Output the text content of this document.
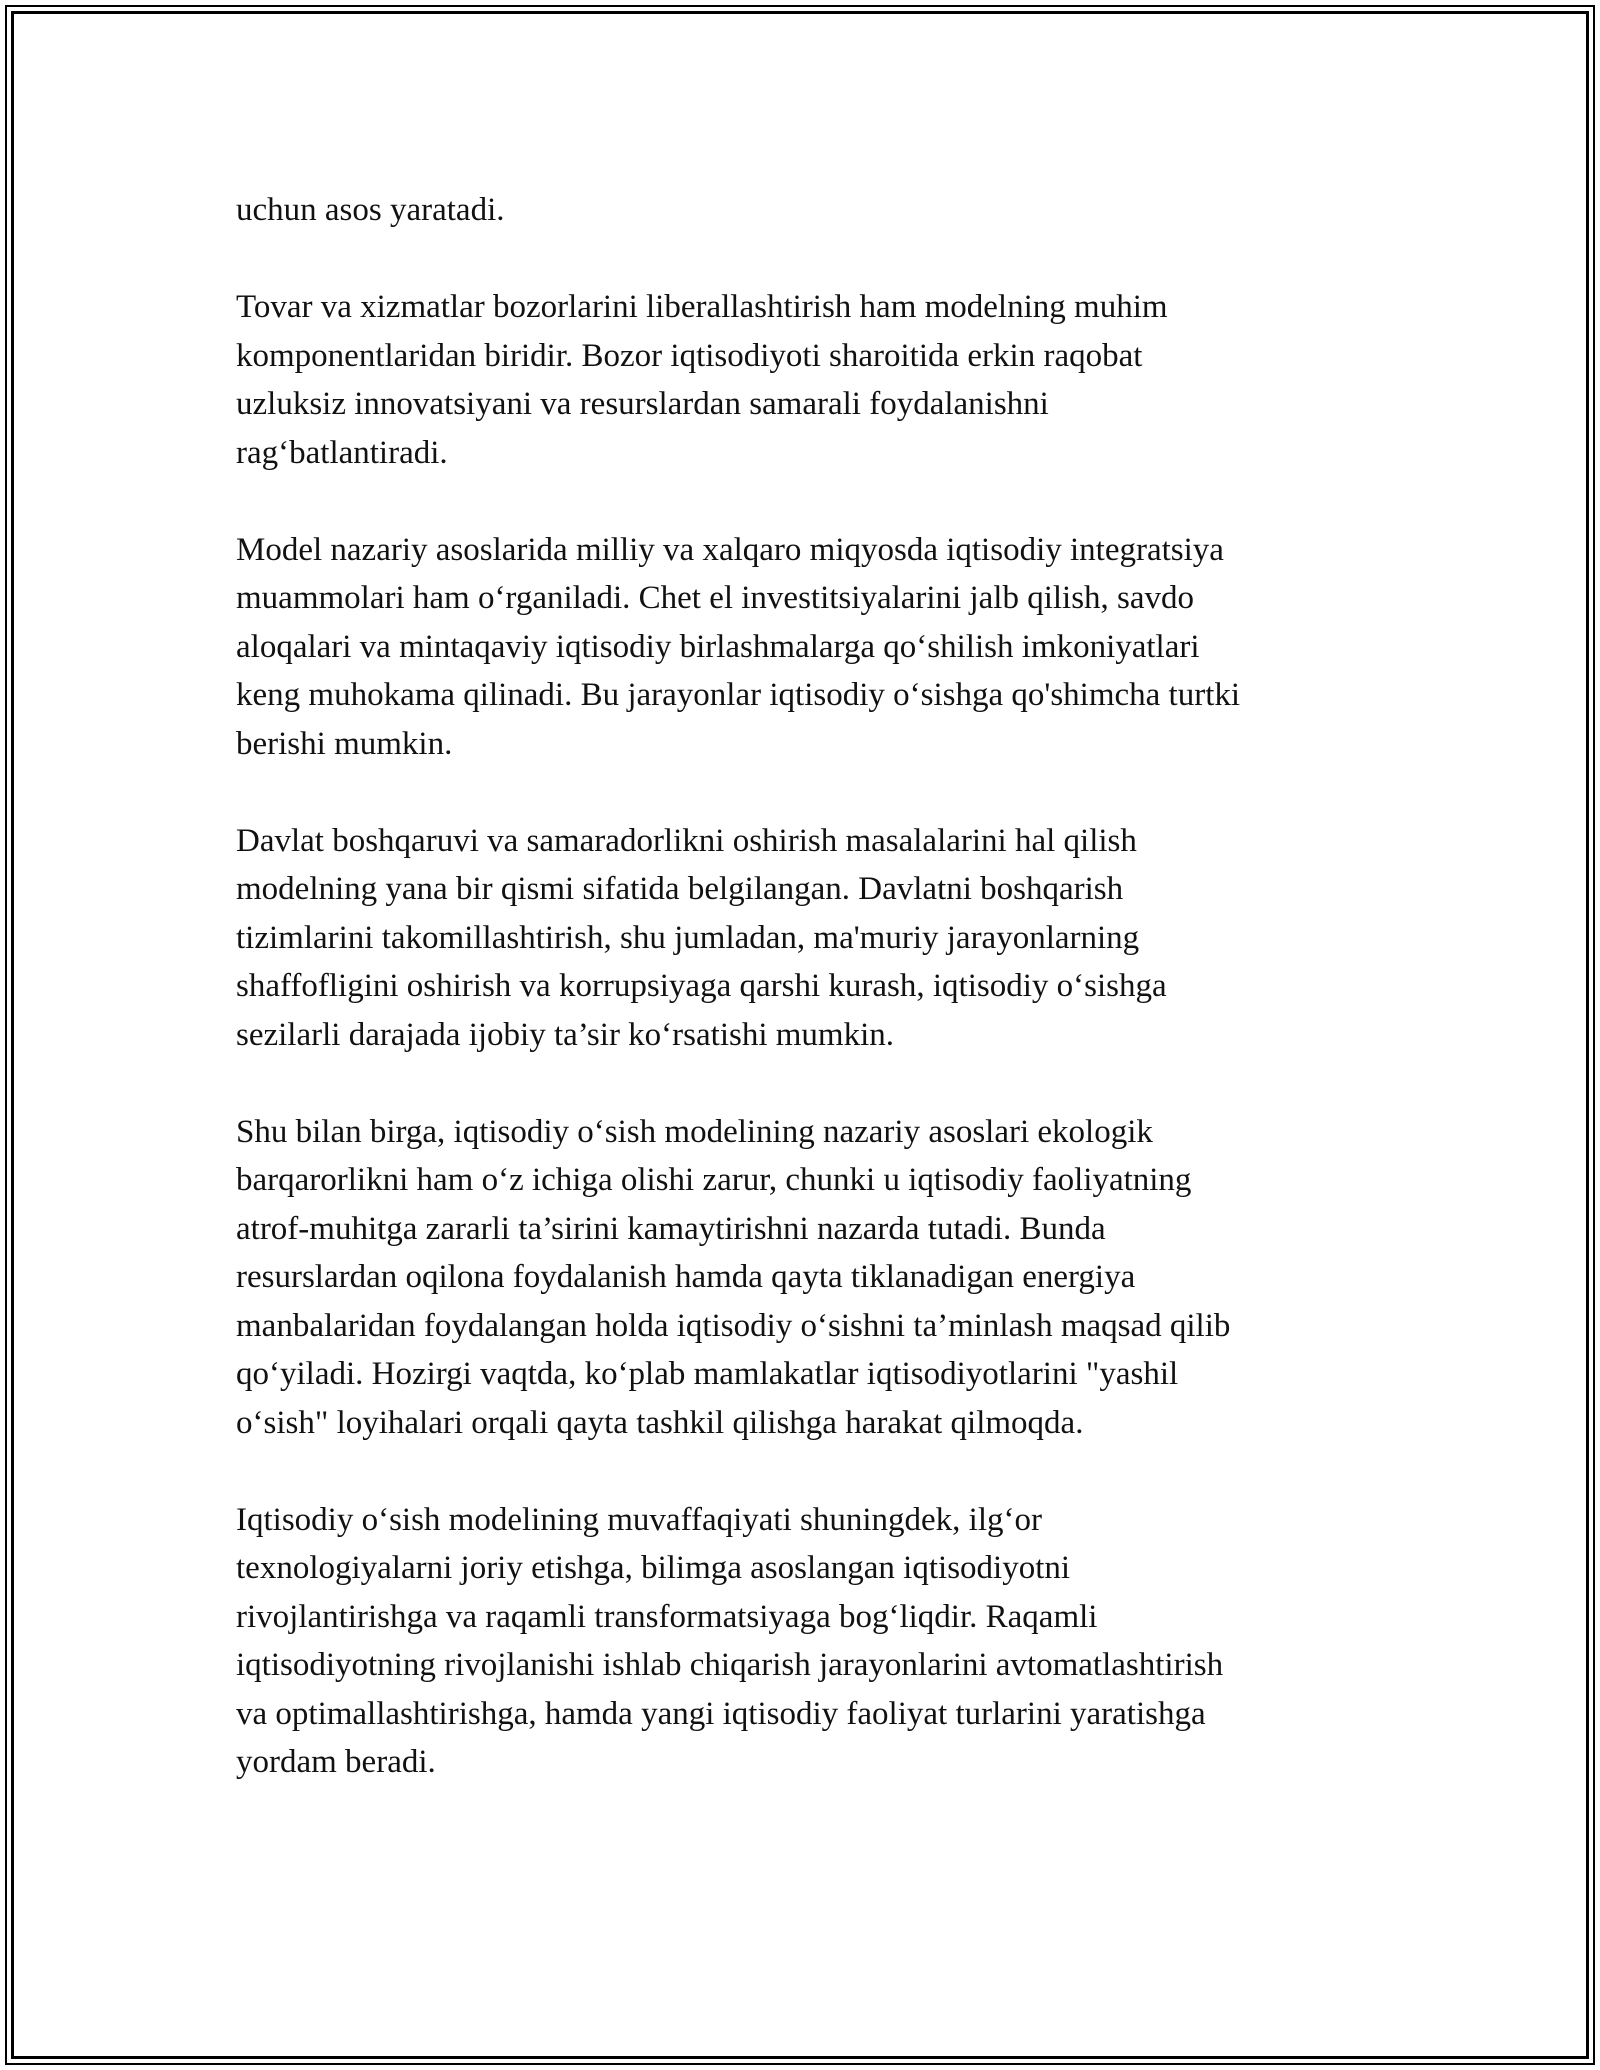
uchun asos yaratadi.

Tovar va xizmatlar bozorlarini liberallashtirish ham modelning muhim
komponentlaridan biridir. Bozor iqtisodiyoti sharoitida erkin raqobat
uzluksiz innovatsiyani va resurslardan samarali foydalanishni
rag‘batlantiradi.

Model nazariy asoslarida milliy va xalqaro miqyosda iqtisodiy integratsiya
muammolari ham o‘rganiladi. Chet el investitsiyalarini jalb qilish, savdo
aloqalari va mintaqaviy iqtisodiy birlashmalarga qo‘shilish imkoniyatlari
keng muhokama qilinadi. Bu jarayonlar iqtisodiy o‘sishga qo'shimcha turtki
berishi mumkin.

Davlat boshqaruvi va samaradorlikni oshirish masalalarini hal qilish
modelning yana bir qismi sifatida belgilangan. Davlatni boshqarish
tizimlarini takomillashtirish, shu jumladan, ma'muriy jarayonlarning
shaffofligini oshirish va korrupsiyaga qarshi kurash, iqtisodiy o‘sishga
sezilarli darajada ijobiy ta’sir ko‘rsatishi mumkin.

Shu bilan birga, iqtisodiy o‘sish modelining nazariy asoslari ekologik
barqarorlikni ham o‘z ichiga olishi zarur, chunki u iqtisodiy faoliyatning
atrof-muhitga zararli ta’sirini kamaytirishni nazarda tutadi. Bunda
resurslardan oqilona foydalanish hamda qayta tiklanadigan energiya
manbalaridan foydalangan holda iqtisodiy o‘sishni ta’minlash maqsad qilib
qo‘yiladi. Hozirgi vaqtda, ko‘plab mamlakatlar iqtisodiyotlarini "yashil
o‘sish" loyihalari orqali qayta tashkil qilishga harakat qilmoqda.

Iqtisodiy o‘sish modelining muvaffaqiyati shuningdek, ilg‘or
texnologiyalarni joriy etishga, bilimga asoslangan iqtisodiyotni
rivojlantirishga va raqamli transformatsiyaga bog‘liqdir. Raqamli
iqtisodiyotning rivojlanishi ishlab chiqarish jarayonlarini avtomatlashtirish
va optimallashtirishga, hamda yangi iqtisodiy faoliyat turlarini yaratishga
yordam beradi.
